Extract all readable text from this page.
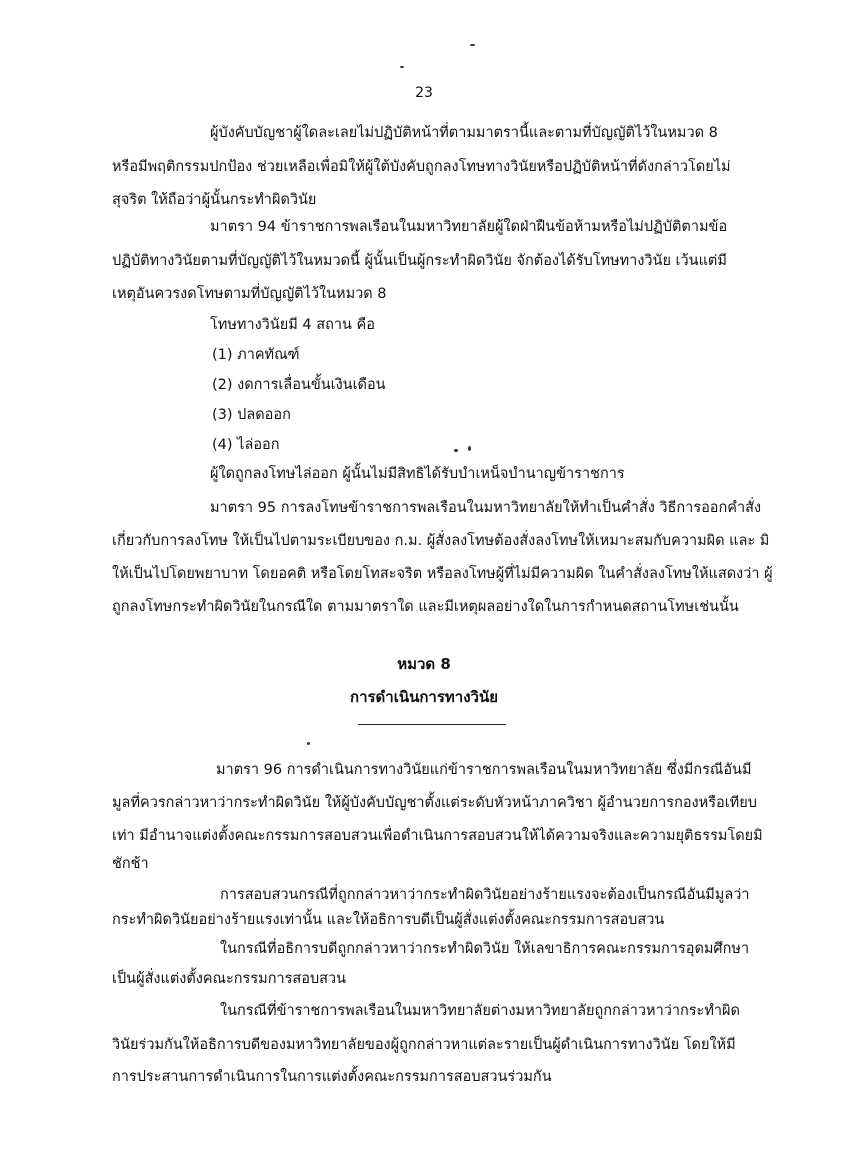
23
ผู้บังคับบัญชาผู้ใดละเลยไม่ปฏิบัติหน้าที่ตามมาตรานี้และตามที่บัญญัติไว้ในหมวด 8
หรือมีพฤติกรรมปกป้อง ช่วยเหลือเพื่อมิให้ผู้ใต้บังคับถูกลงโทษทางวินัยหรือปฏิบัติหน้าที่ดังกล่าวโดยไม่
สุจริต ให้ถือว่าผู้นั้นกระทำผิดวินัย
มาตรา 94 ข้าราชการพลเรือนในมหาวิทยาลัยผู้ใดฝ่าฝืนข้อห้ามหรือไม่ปฏิบัติตามข้อ
ปฏิบัติทางวินัยตามที่บัญญัติไว้ในหมวดนี้ ผู้นั้นเป็นผู้กระทำผิดวินัย จักต้องได้รับโทษทางวินัย เว้นแต่มี
เหตุอันควรงดโทษตามที่บัญญัติไว้ในหมวด 8
โทษทางวินัยมี 4 สถาน คือ
(1) ภาคทัณฑ์
(2) งดการเลื่อนขั้นเงินเดือน
(3) ปลดออก
(4) ไล่ออก
ผู้ใดถูกลงโทษไล่ออก ผู้นั้นไม่มีสิทธิได้รับบำเหน็จบำนาญข้าราชการ
มาตรา 95 การลงโทษข้าราชการพลเรือนในมหาวิทยาลัยให้ทำเป็นคำสั่ง วิธีการออกคำสั่ง
เกี่ยวกับการลงโทษ ให้เป็นไปตามระเบียบของ ก.ม. ผู้สั่งลงโทษต้องสั่งลงโทษให้เหมาะสมกับความผิด และ มิ
ให้เป็นไปโดยพยาบาท โดยอคติ หรือโดยโทสะจริต หรือลงโทษผู้ที่ไม่มีความผิด ในคำสั่งลงโทษให้แสดงว่า ผู้
ถูกลงโทษกระทำผิดวินัยในกรณีใด ตามมาตราใด และมีเหตุผลอย่างใดในการกำหนดสถานโทษเช่นนั้น
หมวด 8
การดำเนินการทางวินัย
มาตรา 96 การดำเนินการทางวินัยแก่ข้าราชการพลเรือนในมหาวิทยาลัย ซึ่งมีกรณีอันมี
มูลที่ควรกล่าวหาว่ากระทำผิดวินัย ให้ผู้บังคับบัญชาตั้งแต่ระดับหัวหน้าภาควิชา ผู้อำนวยการกองหรือเทียบ
เท่า มีอำนาจแต่งตั้งคณะกรรมการสอบสวนเพื่อดำเนินการสอบสวนให้ได้ความจริงและความยุติธรรมโดยมิ
ชักช้า
การสอบสวนกรณีที่ถูกกล่าวหาว่ากระทำผิดวินัยอย่างร้ายแรงจะต้องเป็นกรณีอันมีมูลว่า
กระทำผิดวินัยอย่างร้ายแรงเท่านั้น และให้อธิการบดีเป็นผู้สั่งแต่งตั้งคณะกรรมการสอบสวน
ในกรณีที่อธิการบดีถูกกล่าวหาว่ากระทำผิดวินัย ให้เลขาธิการคณะกรรมการอุดมศึกษา
เป็นผู้สั่งแต่งตั้งคณะกรรมการสอบสวน
ในกรณีที่ข้าราชการพลเรือนในมหาวิทยาลัยต่างมหาวิทยาลัยถูกกล่าวหาว่ากระทำผิด
วินัยร่วมกันให้อธิการบดีของมหาวิทยาลัยของผู้ถูกกล่าวหาแต่ละรายเป็นผู้ดำเนินการทางวินัย โดยให้มี
การประสานการดำเนินการในการแต่งตั้งคณะกรรมการสอบสวนร่วมกัน
